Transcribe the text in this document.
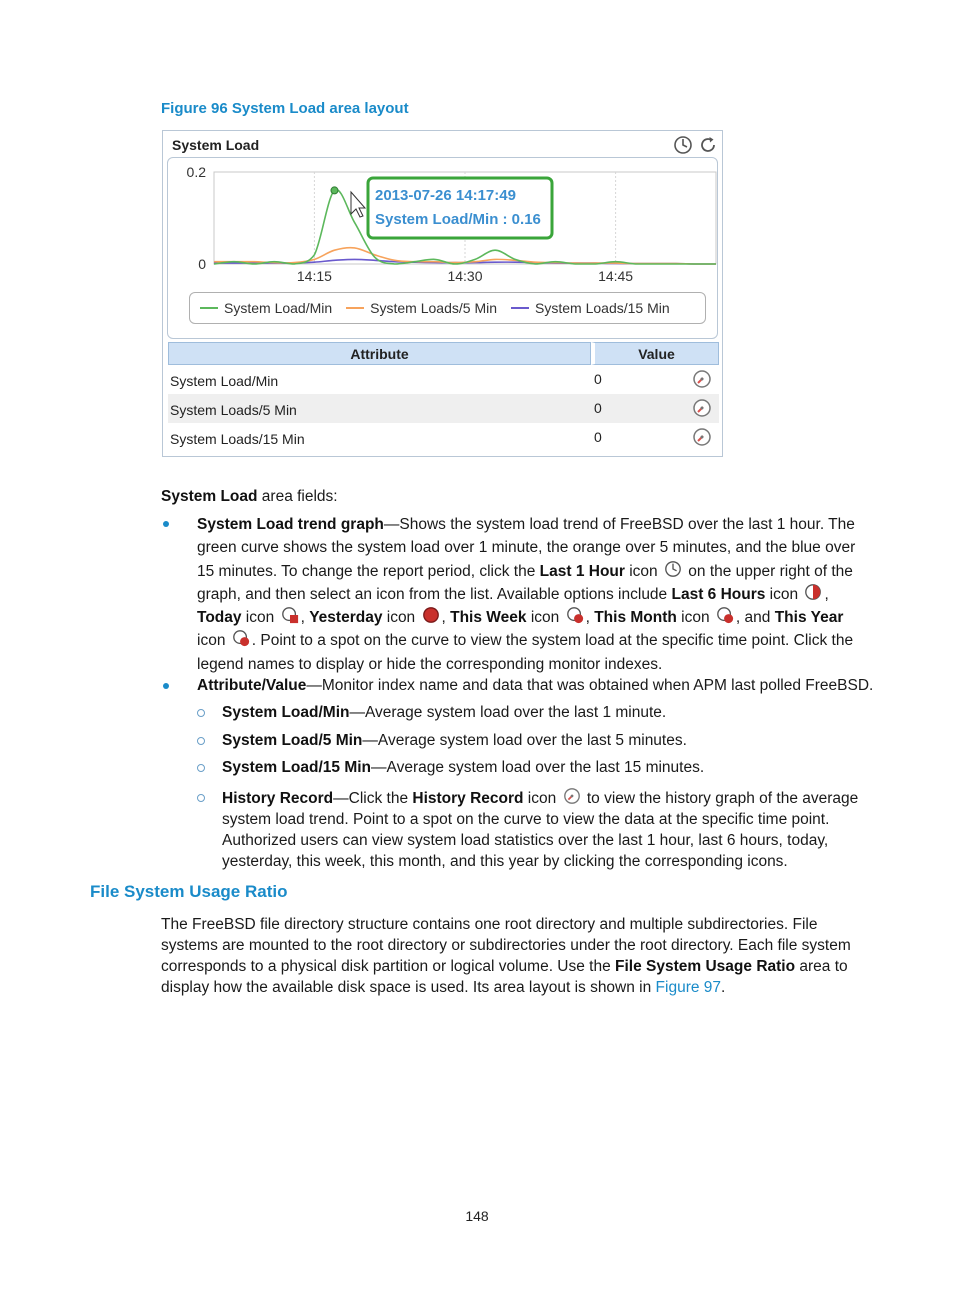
Figure 96 System Load area layout
System Load
14:15	14:30	14:45
0.2
0
2013-07-26 14:17:49
System Load/Min : 0.16
System Load/Min	System Loads/5 Min	System Loads/15 Min
Attribute	Value
System Load/Min	0

System Loads/5 Min	0

System Loads/15 Min	0
System Load area fields:
System Load trend graph—Shows the system load trend of FreeBSD over the last 1 hour. The green curve shows the system load over 1 minute, the orange over 5 minutes, and the blue over 15 minutes. To change the report period, click the Last 1 Hour icon  on the upper right of the graph, and then select an icon from the list. Available options include Last 6 Hours icon , Today icon , Yesterday icon , This Week icon , This Month icon , and This Year icon . Point to a spot on the curve to view the system load at the specific time point. Click the legend names to display or hide the corresponding monitor indexes.
Attribute/Value—Monitor index name and data that was obtained when APM last polled FreeBSD.
System Load/Min—Average system load over the last 1 minute.
System Load/5 Min—Average system load over the last 5 minutes.
System Load/15 Min—Average system load over the last 15 minutes.
History Record—Click the History Record icon  to view the history graph of the average system load trend. Point to a spot on the curve to view the data at the specific time point. Authorized users can view system load statistics over the last 1 hour, last 6 hours, today, yesterday, this week, this month, and this year by clicking the corresponding icons.
File System Usage Ratio
The FreeBSD file directory structure contains one root directory and multiple subdirectories. File systems are mounted to the root directory or subdirectories under the root directory. Each file system corresponds to a physical disk partition or logical volume. Use the File System Usage Ratio area to display how the available disk space is used. Its area layout is shown in Figure 97.
148
